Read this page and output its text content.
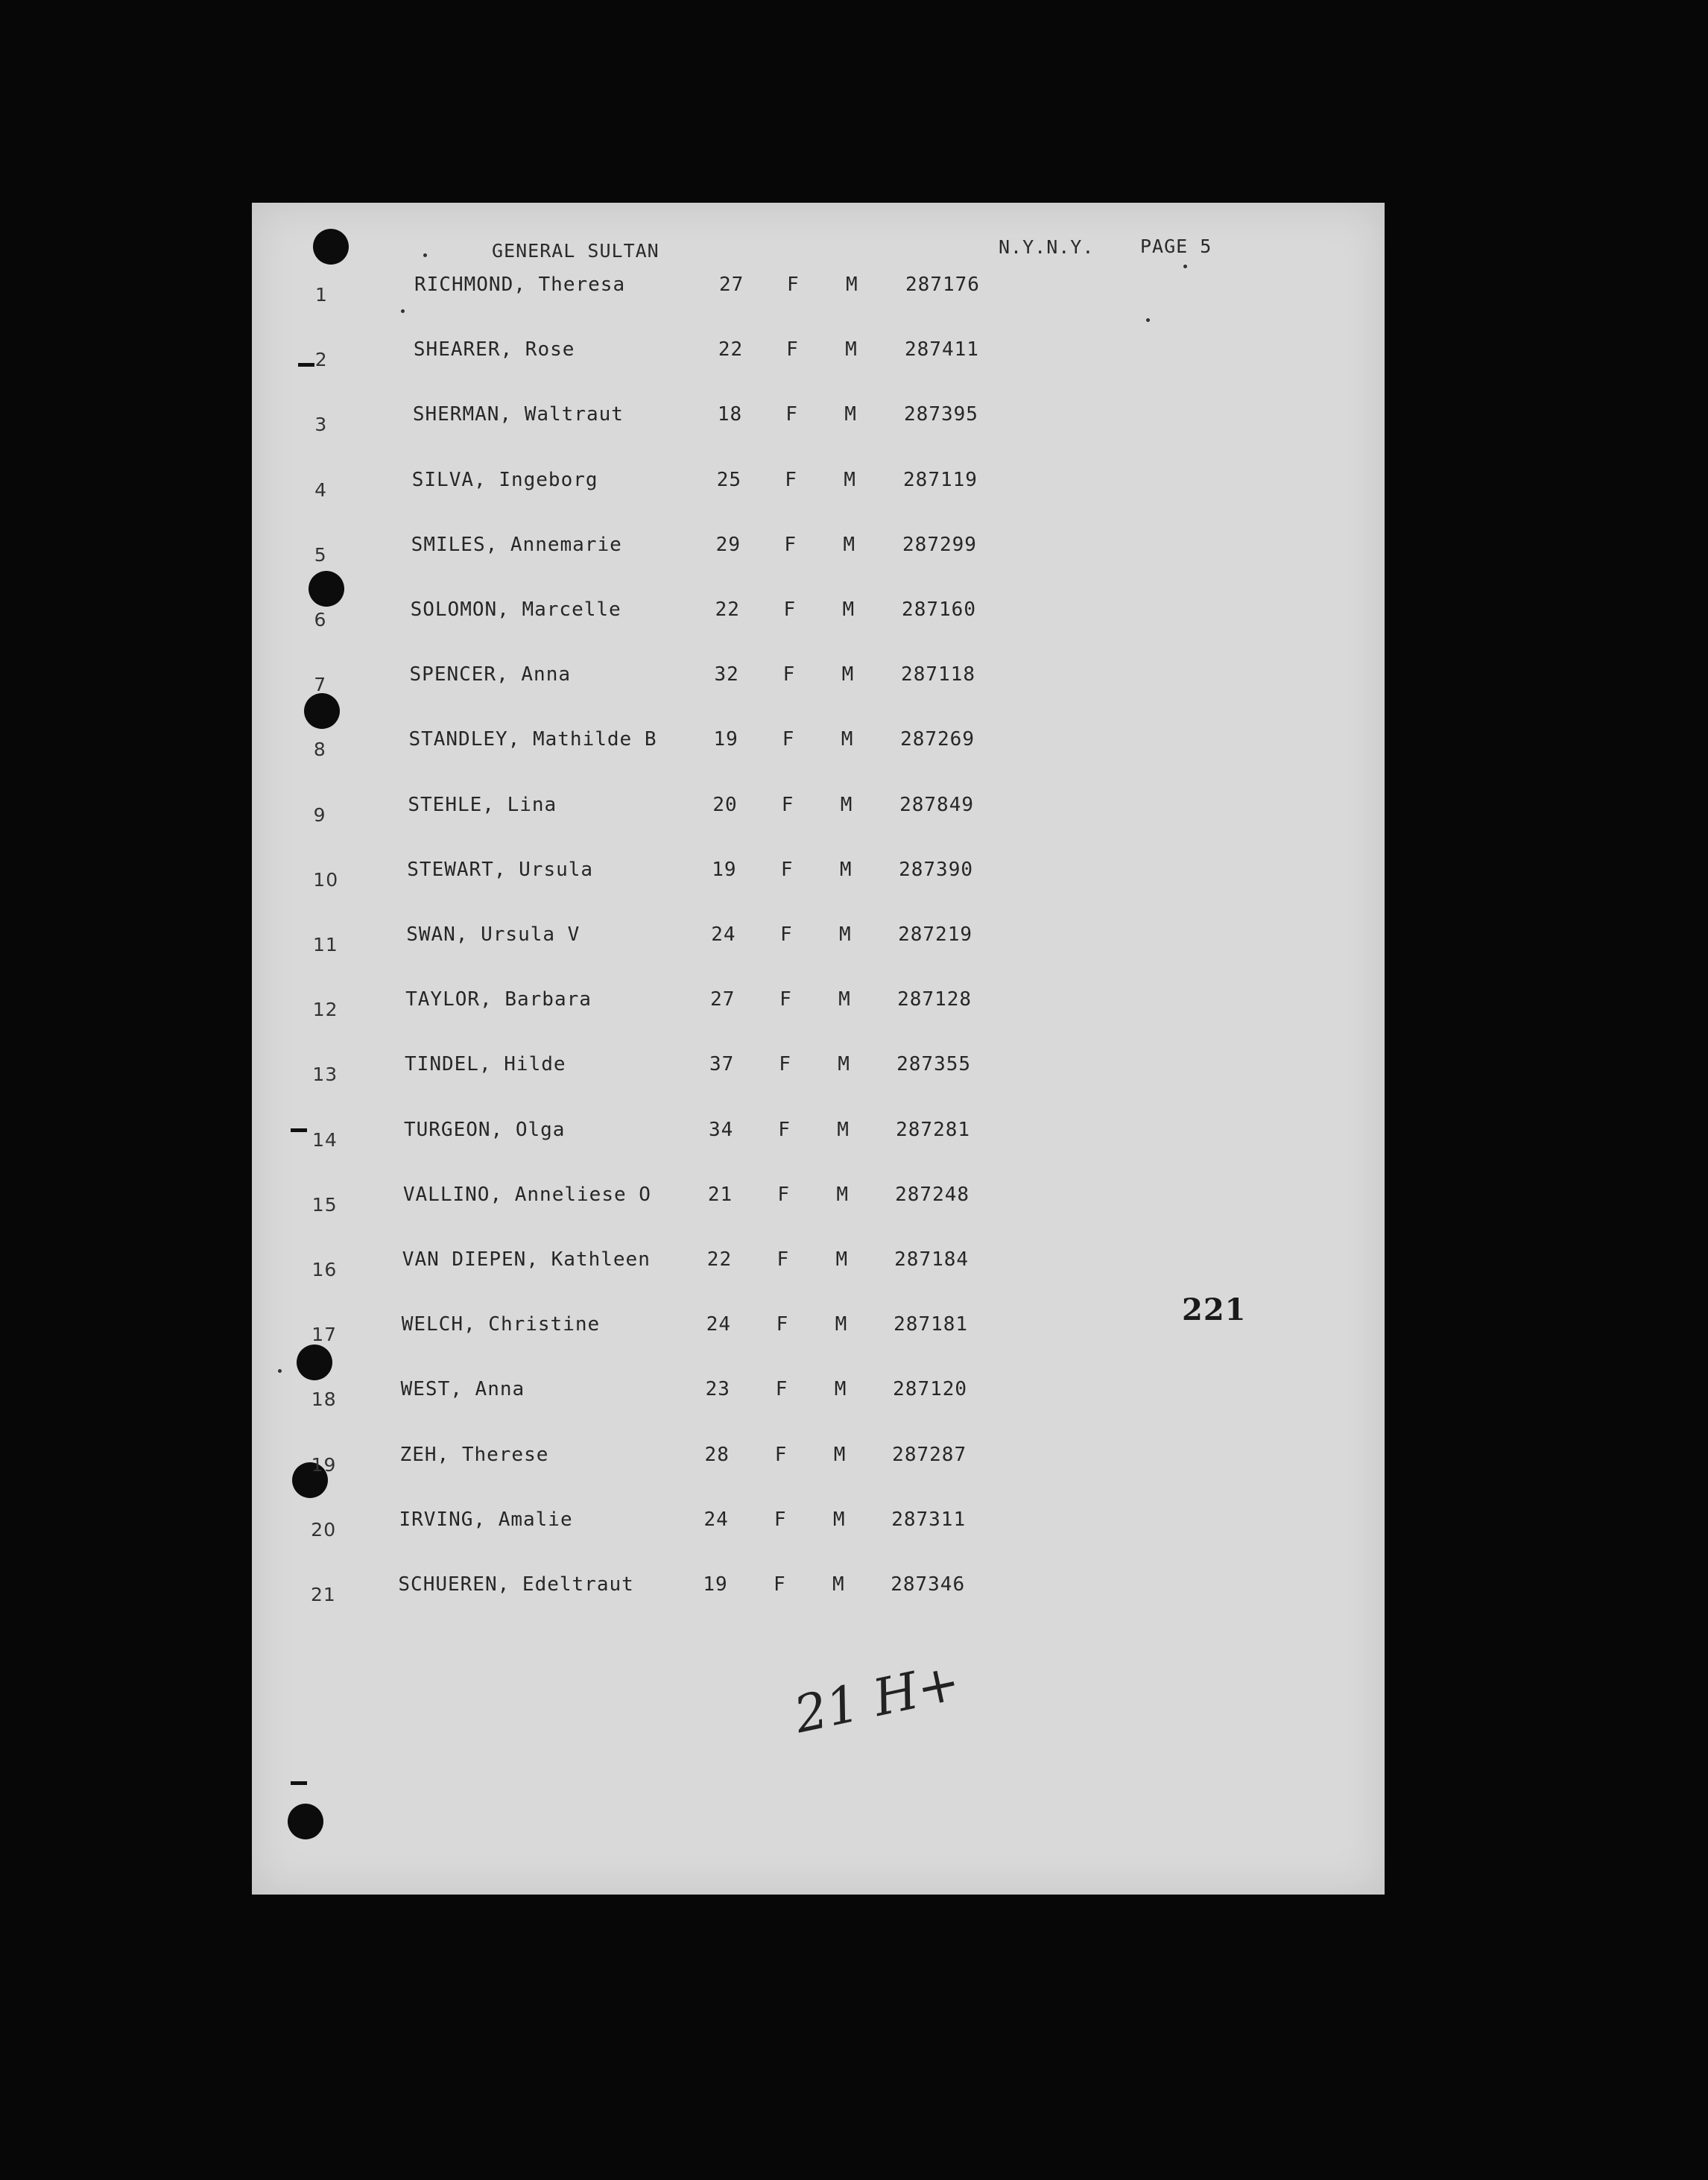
GENERAL SULTAN	N.Y.N.Y. PAGE 5
1	RICHMOND, Theresa	27 F M 287176
2	SHEARER, Rose	22 F M 287411
3	SHERMAN, Waltraut	18 F M 287395
4	SILVA, Ingeborg	25 F M 287119
5	SMILES, Annemarie	29 F M 287299
6	SOLOMON, Marcelle	22 F M 287160
7	SPENCER, Anna	32 F M 287118
8	STANDLEY, Mathilde B	19 F M 287269
9	STEHLE, Lina	20 F M 287849
10	STEWART, Ursula	19 F M 287390
11	SWAN, Ursula V	24 F M 287219
12	TAYLOR, Barbara	27 F M 287128
13	TINDEL, Hilde	37 F M 287355
14	TURGEON, Olga	34 F M 287281
15	VALLINO, Anneliese O	21 F M 287248
16	VAN DIEPEN, Kathleen	22 F M 287184
17	WELCH, Christine	24 F M 287181
18	WEST, Anna	23 F M 287120
19	ZEH, Therese	28 F M 287287
20	IRVING, Amalie	24 F M 287311
21	SCHUEREN, Edeltraut	19 F M 287346
221
21 H+
